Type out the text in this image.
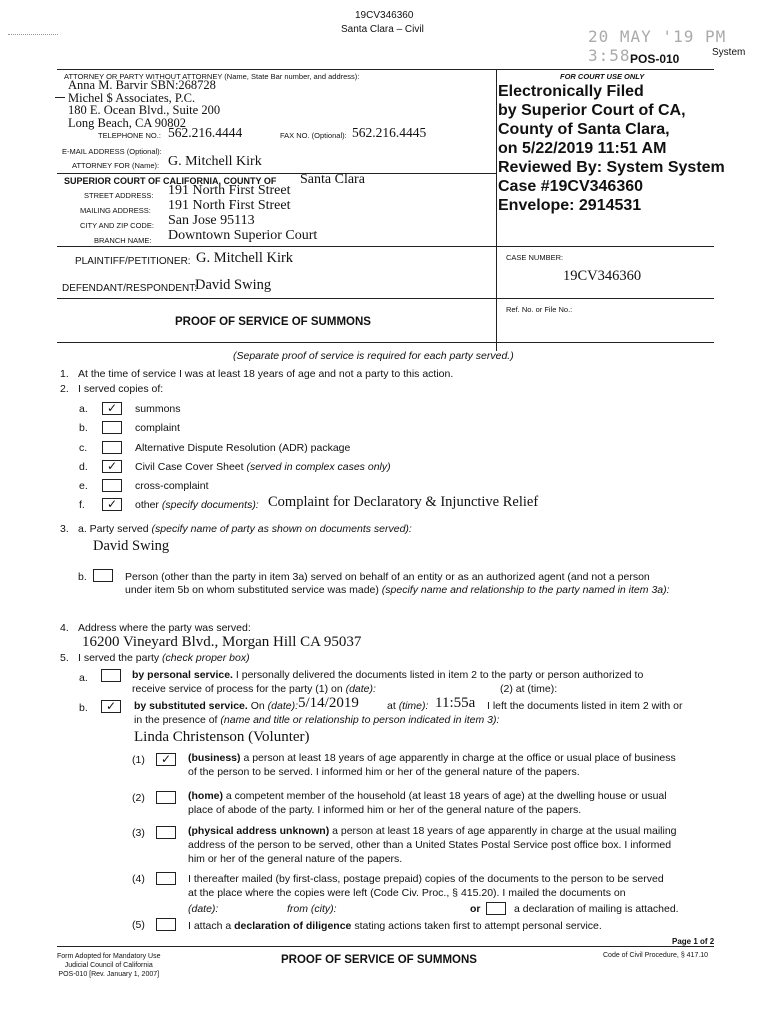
19CV346360
Santa Clara – Civil	20 MAY '19 PM 3:58	System
POS-010
ATTORNEY OR PARTY WITHOUT ATTORNEY (Name, State Bar number, and address):	FOR COURT USE ONLY
Anna M. Barvir SBN:268728
Michel $ Associates, P.C.
180 E. Ocean Blvd., Suite 200
Long Beach, CA 90802
TELEPHONE NO.: 562.216.4444	FAX NO. (Optional): 562.216.4445
E-MAIL ADDRESS (Optional):
ATTORNEY FOR (Name): G. Mitchell Kirk
Electronically Filed
by Superior Court of CA,
County of Santa Clara,
on 5/22/2019 11:51 AM
Reviewed By: System System
Case #19CV346360
Envelope: 2914531
SUPERIOR COURT OF CALIFORNIA, COUNTY OF Santa Clara
STREET ADDRESS: 191 North First Street
MAILING ADDRESS: 191 North First Street
CITY AND ZIP CODE: San Jose 95113
BRANCH NAME: Downtown Superior Court
PLAINTIFF/PETITIONER: G. Mitchell Kirk
DEFENDANT/RESPONDENT:
David Swing
CASE NUMBER:
19CV346360
Ref. No. or File No.:
PROOF OF SERVICE OF SUMMONS
(Separate proof of service is required for each party served.)
1. At the time of service I was at least 18 years of age and not a party to this action.
2. I served copies of:
a.	✓	summons
b.	complaint
c.	Alternative Dispute Resolution (ADR) package
d.	✓	Civil Case Cover Sheet (served in complex cases only)
e.	cross-complaint
f.	✓	other (specify documents): Complaint for Declaratory & Injunctive Relief
3. a. Party served (specify name of party as shown on documents served):
David Swing
b.	Person (other than the party in item 3a) served on behalf of an entity or as an authorized agent (and not a person
under item 5b on whom substituted service was made) (specify name and relationship to the party named in item 3a):
4. Address where the party was served:
16200 Vineyard Blvd., Morgan Hill CA 95037
5. I served the party (check proper box)
a.	by personal service. I personally delivered the documents listed in item 2 to the party or person authorized to
receive service of process for the party (1) on (date):	(2) at (time):
b.	✓	by substituted service. On (date): 5/14/2019	at (time): 11:55a I left the documents listed in item 2 with or
in the presence of (name and title or relationship to person indicated in item 3):
Linda Christenson (Volunter)
(1)	✓	(business) a person at least 18 years of age apparently in charge at the office or usual place of business
of the person to be served. I informed him or her of the general nature of the papers.
(2)	(home) a competent member of the household (at least 18 years of age) at the dwelling house or usual
place of abode of the party. I informed him or her of the general nature of the papers.
(3)	(physical address unknown) a person at least 18 years of age apparently in charge at the usual mailing
address of the person to be served, other than a United States Postal Service post office box. I informed
him or her of the general nature of the papers.
(4)	I thereafter mailed (by first-class, postage prepaid) copies of the documents to the person to be served
at the place where the copies were left (Code Civ. Proc., § 415.20). I mailed the documents on
(date):	from (city):	or	a declaration of mailing is attached.
(5)	I attach a declaration of diligence stating actions taken first to attempt personal service.
Page 1 of 2
Form Adopted for Mandatory Use
Judicial Council of California
POS-010 [Rev. January 1, 2007]
PROOF OF SERVICE OF SUMMONS	Code of Civil Procedure, § 417.10
